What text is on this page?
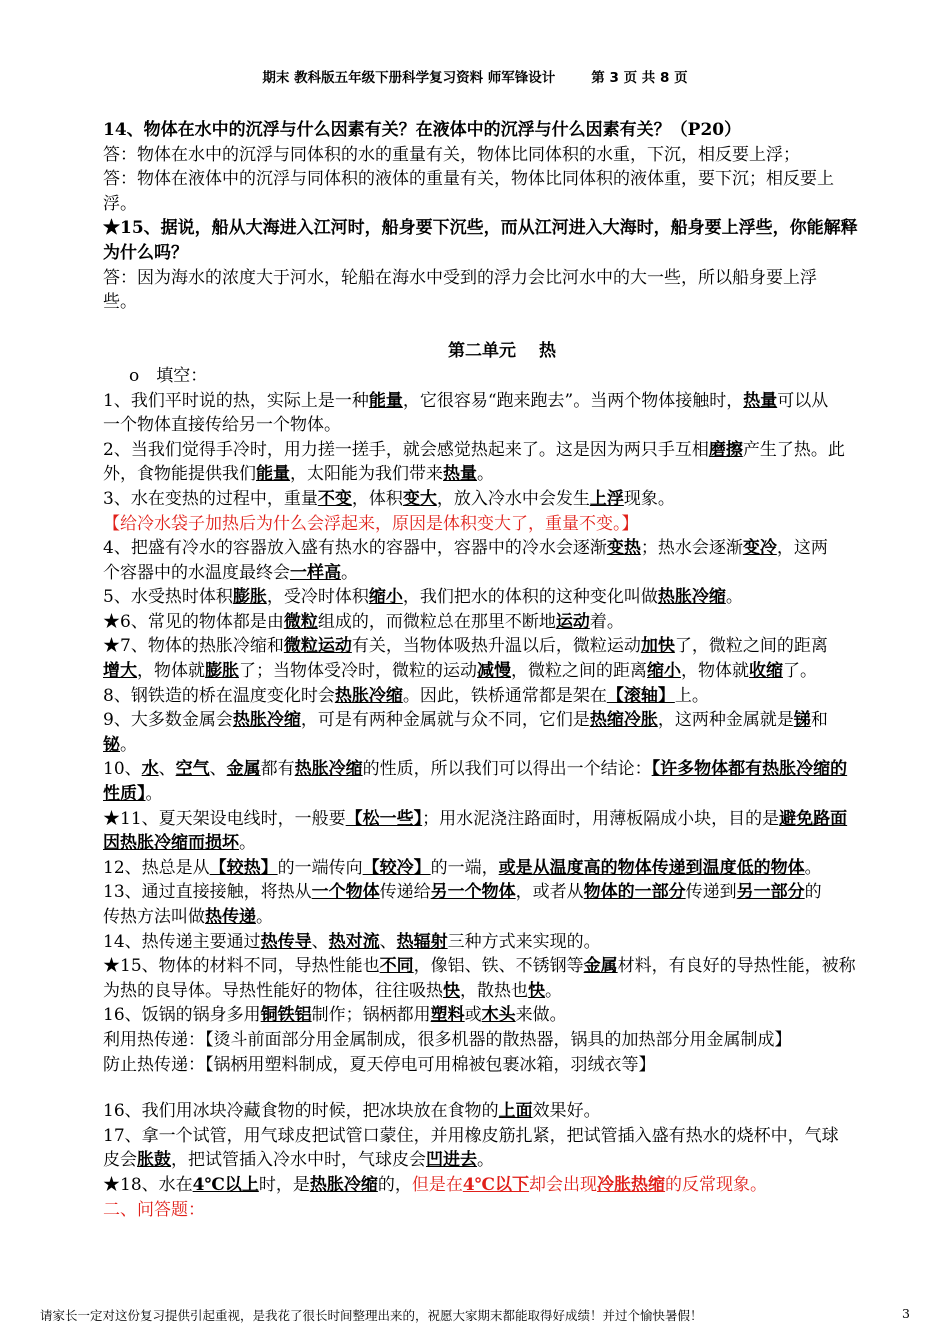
期末 教科版五年级下册科学复习资料 师军锋设计	第 3 页 共 8 页
14、物体在水中的沉浮与什么因素有关？在液体中的沉浮与什么因素有关？（P20）
答：物体在水中的沉浮与同体积的水的重量有关，物体比同体积的水重，下沉，相反要上浮；
答：物体在液体中的沉浮与同体积的液体的重量有关，物体比同体积的液体重，要下沉；相反要上
浮。
★15、据说，船从大海进入江河时，船身要下沉些，而从江河进入大海时，船身要上浮些，你能解释
为什么吗？
答：因为海水的浓度大于河水，轮船在海水中受到的浮力会比河水中的大一些，所以船身要上浮
些。
第二单元　 热
o　填空：
1、我们平时说的热，实际上是一种能量，它很容易“跑来跑去”。当两个物体接触时，热量可以从
一个物体直接传给另一个物体。
2、当我们觉得手冷时，用力搓一搓手，就会感觉热起来了。这是因为两只手互相磨擦产生了热。此
外，食物能提供我们能量，太阳能为我们带来热量。
3、水在变热的过程中，重量不变，体积变大，放入冷水中会发生上浮现象。
【给冷水袋子加热后为什么会浮起来，原因是体积变大了，重量不变。】
4、把盛有冷水的容器放入盛有热水的容器中，容器中的冷水会逐渐变热；热水会逐渐变冷，这两
个容器中的水温度最终会一样高。
5、水受热时体积膨胀，受冷时体积缩小，我们把水的体积的这种变化叫做热胀冷缩。
★6、常见的物体都是由微粒组成的，而微粒总在那里不断地运动着。
★7、物体的热胀冷缩和微粒运动有关，当物体吸热升温以后，微粒运动加快了，微粒之间的距离
增大，物体就膨胀了；当物体受冷时，微粒的运动减慢，微粒之间的距离缩小，物体就收缩了。
8、钢铁造的桥在温度变化时会热胀冷缩。因此，铁桥通常都是架在【滚轴】上。
9、大多数金属会热胀冷缩，可是有两种金属就与众不同，它们是热缩冷胀，这两种金属就是锑和
铋。
10、水、空气、金属都有热胀冷缩的性质，所以我们可以得出一个结论：【许多物体都有热胀冷缩的
性质】。
★11、夏天架设电线时，一般要【松一些】；用水泥浇注路面时，用薄板隔成小块，目的是避免路面
因热胀冷缩而损坏。
12、热总是从【较热】的一端传向【较冷】的一端，或是从温度高的物体传递到温度低的物体。
13、通过直接接触，将热从一个物体传递给另一个物体，或者从物体的一部分传递到另一部分的
传热方法叫做热传递。
14、热传递主要通过热传导、热对流、热辐射三种方式来实现的。
★15、物体的材料不同，导热性能也不同，像铝、铁、不锈钢等金属材料，有良好的导热性能，被称
为热的良导体。导热性能好的物体，往往吸热快，散热也快。
16、饭锅的锅身多用铜铁铝制作；锅柄都用塑料或木头来做。
利用热传递：【烫斗前面部分用金属制成，很多机器的散热器，锅具的加热部分用金属制成】
防止热传递：【锅柄用塑料制成，夏天停电可用棉被包裹冰箱，羽绒衣等】
16、我们用冰块冷藏食物的时候，把冰块放在食物的上面效果好。
17、拿一个试管，用气球皮把试管口蒙住，并用橡皮筋扎紧，把试管插入盛有热水的烧杯中，气球
皮会胀鼓，把试管插入冷水中时，气球皮会凹进去。
★18、水在4℃以上时，是热胀冷缩的，但是在4℃以下却会出现冷胀热缩的反常现象。
二、问答题：
请家长一定对这份复习提供引起重视，是我花了很长时间整理出来的，祝愿大家期末都能取得好成绩！并过个愉快暑假！	3
